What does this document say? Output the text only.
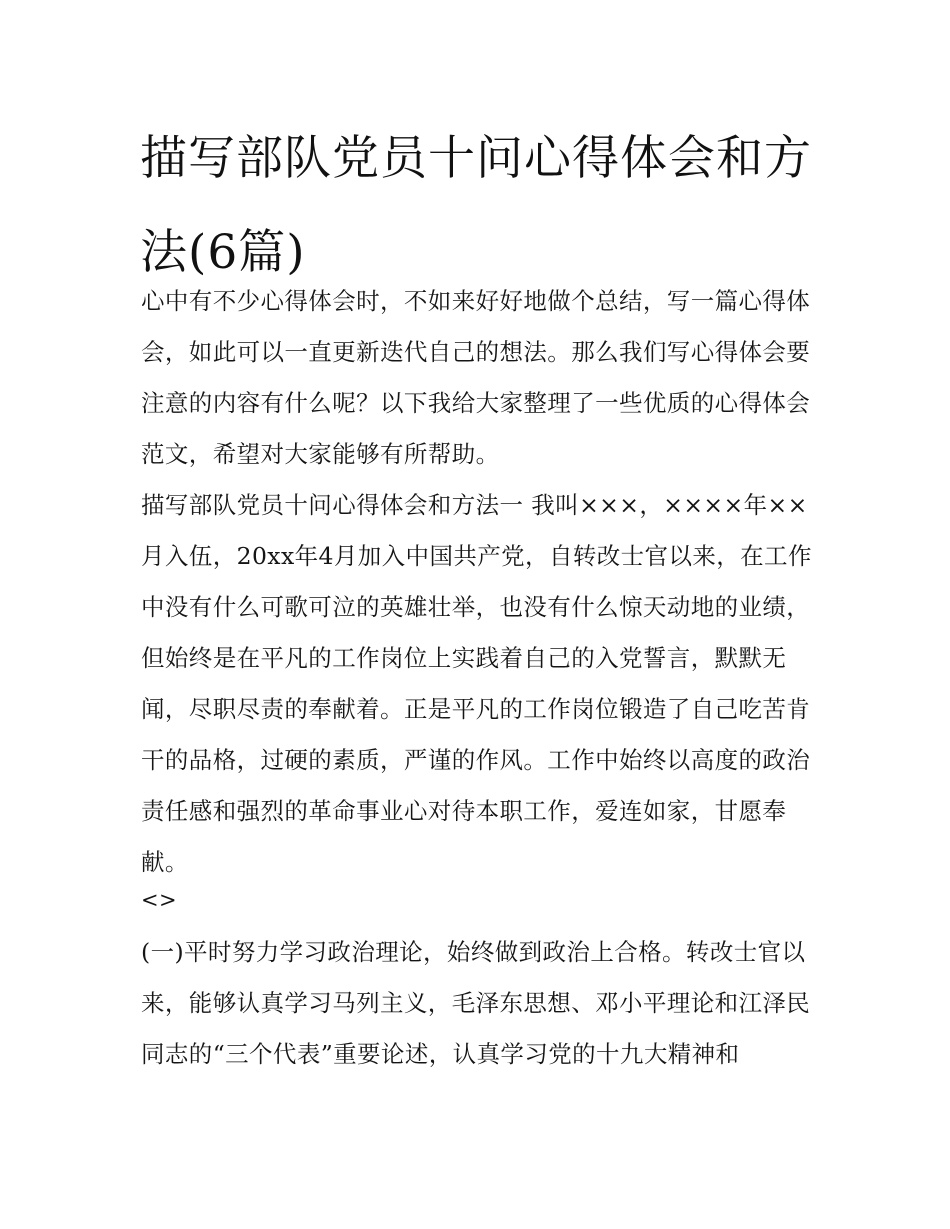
描写部队党员十问心得体会和方法(6篇)

心中有不少心得体会时，不如来好好地做个总结，写一篇心得体会，如此可以一直更新迭代自己的想法。那么我们写心得体会要注意的内容有什么呢？以下我给大家整理了一些优质的心得体会范文，希望对大家能够有所帮助。

描写部队党员十问心得体会和方法一 我叫×××，××××年××月入伍，20xx年4月加入中国共产党，自转改士官以来，在工作中没有什么可歌可泣的英雄壮举，也没有什么惊天动地的业绩，但始终是在平凡的工作岗位上实践着自己的入党誓言，默默无闻，尽职尽责的奉献着。正是平凡的工作岗位锻造了自己吃苦肯干的品格，过硬的素质，严谨的作风。工作中始终以高度的政治责任感和强烈的革命事业心对待本职工作，爱连如家，甘愿奉献。

<>

(一)平时努力学习政治理论，始终做到政治上合格。转改士官以来，能够认真学习马列主义，毛泽东思想、邓小平理论和江泽民同志的“三个代表”重要论述，认真学习党的十九大精神和
